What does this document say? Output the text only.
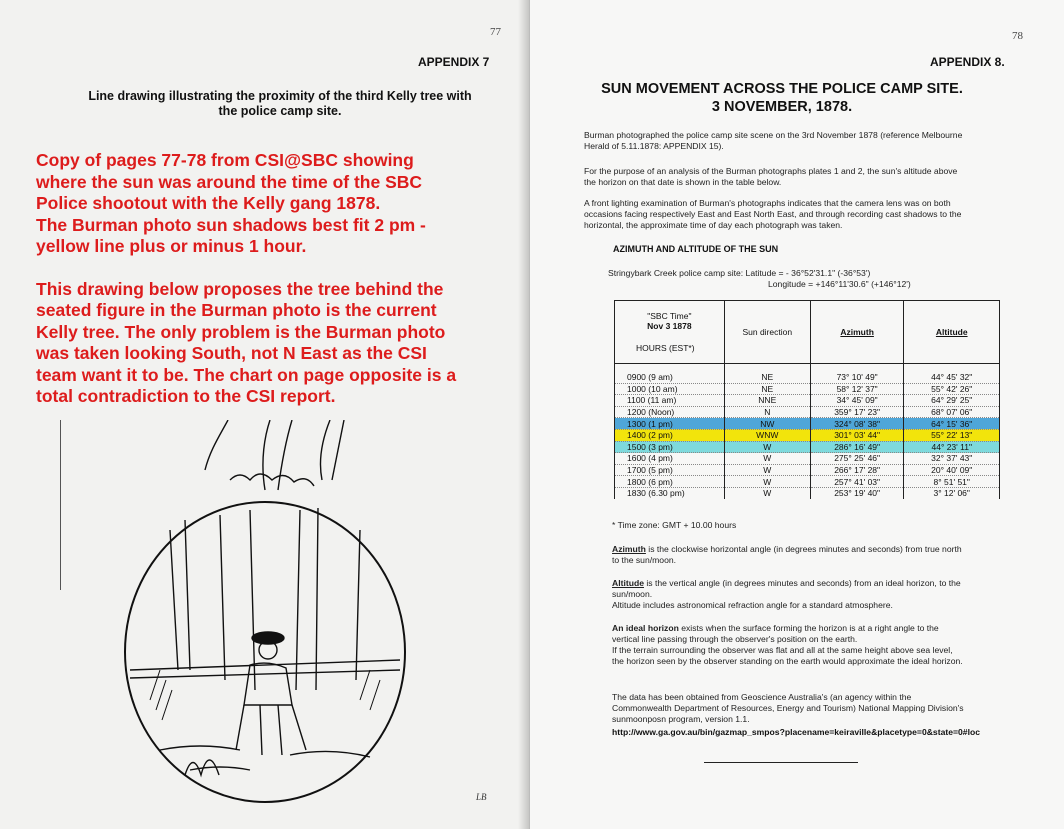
77
APPENDIX 7
Line drawing illustrating the proximity of the third Kelly tree with
the police camp site.

Copy of pages 77-78 from CSI@SBC showing

where the sun was around the time of the SBC

Police shootout with the Kelly gang 1878.

The Burman photo sun shadows best fit 2 pm -

yellow line plus or minus 1 hour.

This drawing below proposes the tree behind the

seated figure in the Burman photo is the current

Kelly tree. The only problem is the Burman photo

was taken looking South, not N East as the CSI

team want it to be. The chart on page opposite is a

total contradiction to the CSI report.

LB
78
APPENDIX 8.
SUN MOVEMENT ACROSS THE POLICE CAMP SITE.
3 NOVEMBER, 1878.

Burman photographed the police camp site scene on the 3rd November 1878 (reference Melbourne

Herald of 5.11.1878: APPENDIX 15).

For the purpose of an analysis of the Burman photographs plates 1 and 2, the sun's altitude above

the horizon on that date is shown in the table below.

A front lighting examination of Burman's photographs indicates that the camera lens was on both

occasions facing respectively East and East North East, and through recording cast shadows to the

horizontal, the approximate time of day each photograph was taken.

AZIMUTH AND ALTITUDE OF THE SUN
Stringybark Creek police camp site: Latitude = - 36°52'31.1" (-36°53')
Longitude = +146°11'30.6" (+146°12')
"SBC Time"
Nov 3 1878
HOURS (EST*)	Sun direction	Azimuth	Altitude

0900 (9 am)	NE	73° 10' 49"	44° 45' 32"
1000 (10 am)	NE	58° 12' 37"	55° 42' 26"
1100 (11 am)	NNE	34° 45' 09"	64° 29' 25"
1200 (Noon)	N	359° 17' 23"	68° 07' 06"
1300 (1 pm)	NW	324° 08' 38"	64° 15' 36"
1400 (2 pm)	WNW	301° 03' 44"	55° 22' 13"
1500 (3 pm)	W	286° 16' 49"	44° 23' 11"
1600 (4 pm)	W	275° 25' 46"	32° 37' 43"
1700 (5 pm)	W	266° 17' 28"	20° 40' 09"
1800 (6 pm)	W	257° 41' 03"	8° 51' 51"
1830 (6.30 pm)	W	253° 19' 40"	3° 12' 06"
* Time zone: GMT + 10.00 hours

Azimuth is the clockwise horizontal angle (in degrees minutes and seconds) from true north

to the sun/moon.

Altitude is the vertical angle (in degrees minutes and seconds) from an ideal horizon, to the

sun/moon.

Altitude includes astronomical refraction angle for a standard atmosphere.

An ideal horizon exists when the surface forming the horizon is at a right angle to the

vertical line passing through the observer's position on the earth.

If the terrain surrounding the observer was flat and all at the same height above sea level,

the horizon seen by the observer standing on the earth would approximate the ideal horizon.

The data has been obtained from Geoscience Australia's (an agency within the

Commonwealth Department of Resources, Energy and Tourism) National Mapping Division's

sunmoonposn program, version 1.1.

http://www.ga.gov.au/bin/gazmap_smpos?placename=keiraville&placetype=0&state=0#loc
